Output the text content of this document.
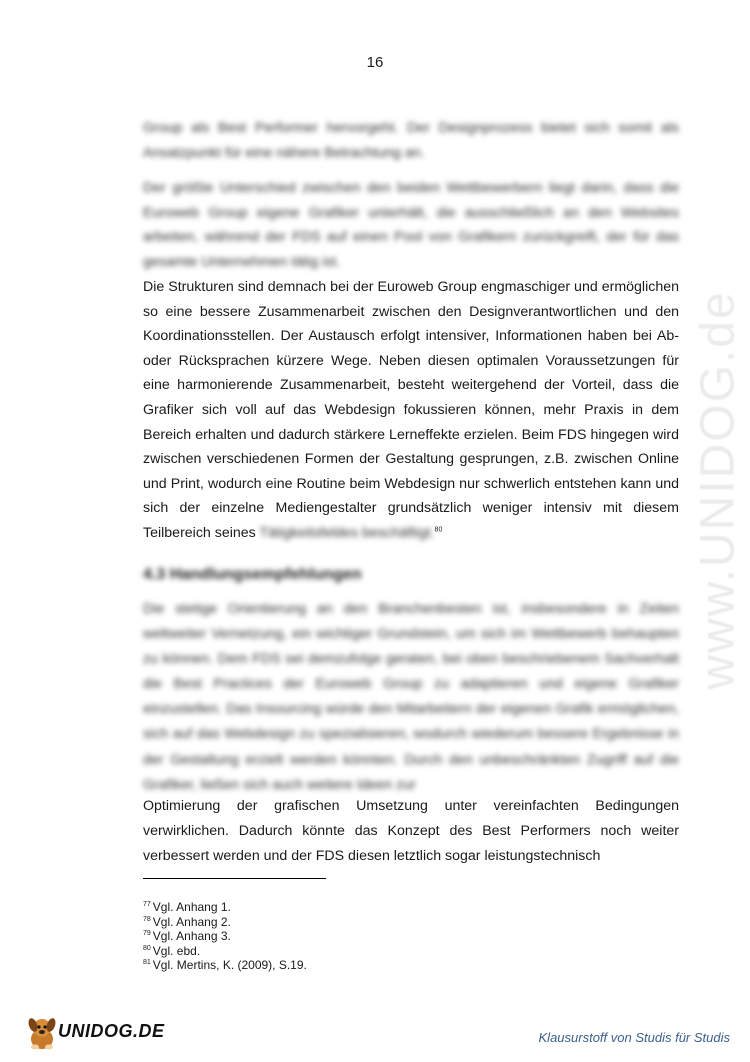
16

Group als Best Performer hervorgeht. Der Designprozess bietet sich somit als Ansatzpunkt für eine nähere Betrachtung an.

Der größte Unterschied zwischen den beiden Wettbewerbern liegt darin, dass die Euroweb Group eigene Grafiker unterhält, die ausschließlich an den Websites arbeiten, während der FDS auf einen Pool von Grafikern zurückgreift, der für das gesamte Unternehmen tätig ist.

Die Strukturen sind demnach bei der Euroweb Group engmaschiger und ermöglichen so eine bessere Zusammenarbeit zwischen den Designverantwortlichen und den Koordinationsstellen. Der Austausch erfolgt intensiver, Informationen haben bei Ab- oder Rücksprachen kürzere Wege. Neben diesen optimalen Voraussetzungen für eine harmonierende Zusammenarbeit, besteht weitergehend der Vorteil, dass die Grafiker sich voll auf das Webdesign fokussieren können, mehr Praxis in dem Bereich erhalten und dadurch stärkere Lerneffekte erzielen. Beim FDS hingegen wird zwischen verschiedenen Formen der Gestaltung gesprungen, z.B. zwischen Online und Print, wodurch eine Routine beim Webdesign nur schwerlich entstehen kann und sich der einzelne Mediengestalter grundsätzlich weniger intensiv mit diesem Teilbereich seines Tätigkeitsfeldes beschäftigt.$^{80}$

4.3 Handlungsempfehlungen

Die stetige Orientierung an den Branchenbesten ist, insbesondere in Zeiten weltweiter Vernetzung, ein wichtiger Grundstein, um sich im Wettbewerb behaupten zu können. Dem FDS sei demzufolge geraten, bei oben beschriebenem Sachverhalt die Best Practices der Euroweb Group zu adaptieren und eigene Grafiker einzustellen. Das Insourcing würde den Mitarbeitern der eigenen Grafik ermöglichen, sich auf das Webdesign zu spezialisieren, wodurch wiederum bessere Ergebnisse in der Gestaltung erzielt werden könnten. Durch den unbeschränkten Zugriff auf die Grafiker, ließen sich auch weitere Ideen zur

Optimierung der grafischen Umsetzung unter vereinfachten Bedingungen verwirklichen. Dadurch könnte das Konzept des Best Performers noch weiter verbessert werden und der FDS diesen letztlich sogar leistungstechnisch

$^{77}$ Vgl. Anhang 1.
$^{78}$ Vgl. Anhang 2.
$^{79}$ Vgl. Anhang 3.
$^{80}$ Vgl. ebd.
$^{81}$ Vgl. Mertins, K. (2009), S.19.
www.UNIDOG.de
UNIDOG.DE	Klausurstoff von Studis für Studis
